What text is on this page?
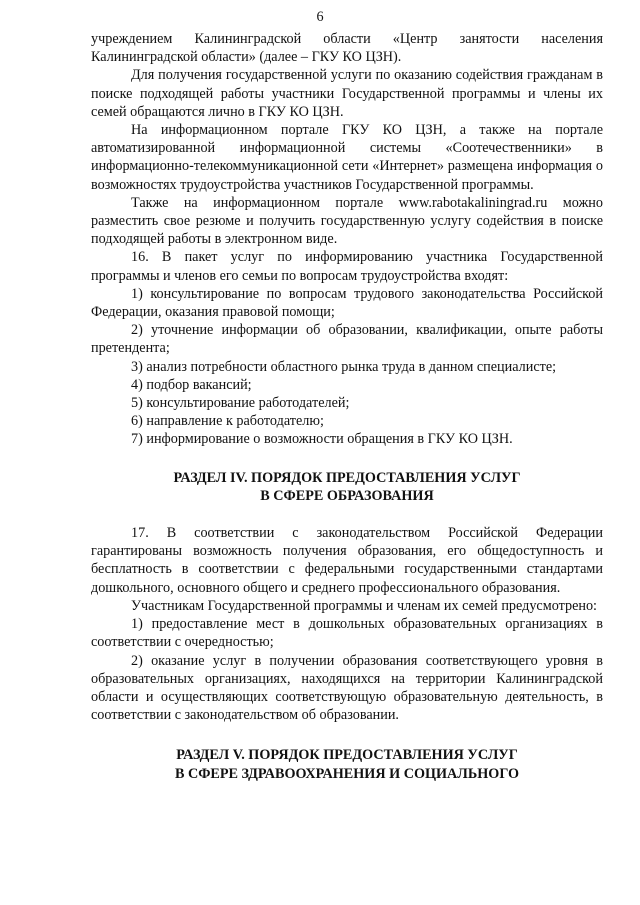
6

учреждением Калининградской области «Центр занятости населения Калининградской области» (далее – ГКУ КО ЦЗН).

Для получения государственной услуги по оказанию содействия гражданам в поиске подходящей работы участники Государственной программы и члены их семей обращаются лично в ГКУ КО ЦЗН.

На информационном портале ГКУ КО ЦЗН, а также на портале автоматизированной информационной системы «Соотечественники» в информационно-телекоммуникационной сети «Интернет» размещена информация о возможностях трудоустройства участников Государственной программы.

Также на информационном портале www.rabotakaliningrad.ru можно разместить свое резюме и получить государственную услугу содействия в поиске подходящей работы в электронном виде.

16. В пакет услуг по информированию участника Государственной программы и членов его семьи по вопросам трудоустройства входят:

1) консультирование по вопросам трудового законодательства Российской Федерации, оказания правовой помощи;

2) уточнение информации об образовании, квалификации, опыте работы претендента;

3) анализ потребности областного рынка труда в данном специалисте;

4) подбор вакансий;

5) консультирование работодателей;

6) направление к работодателю;

7) информирование о возможности обращения в ГКУ КО ЦЗН.

РАЗДЕЛ IV. ПОРЯДОК ПРЕДОСТАВЛЕНИЯ УСЛУГ

В СФЕРЕ ОБРАЗОВАНИЯ

17. В соответствии с законодательством Российской Федерации гарантированы возможность получения образования, его общедоступность и бесплатность в соответствии с федеральными государственными стандартами дошкольного, основного общего и среднего профессионального образования.

Участникам Государственной программы и членам их семей предусмотрено:

1) предоставление мест в дошкольных образовательных организациях в соответствии с очередностью;

2) оказание услуг в получении образования соответствующего уровня в образовательных организациях, находящихся на территории Калининградской области и осуществляющих соответствующую образовательную деятельность, в соответствии с законодательством об образовании.

РАЗДЕЛ V. ПОРЯДОК ПРЕДОСТАВЛЕНИЯ УСЛУГ

В СФЕРЕ ЗДРАВООХРАНЕНИЯ И СОЦИАЛЬНОГО
